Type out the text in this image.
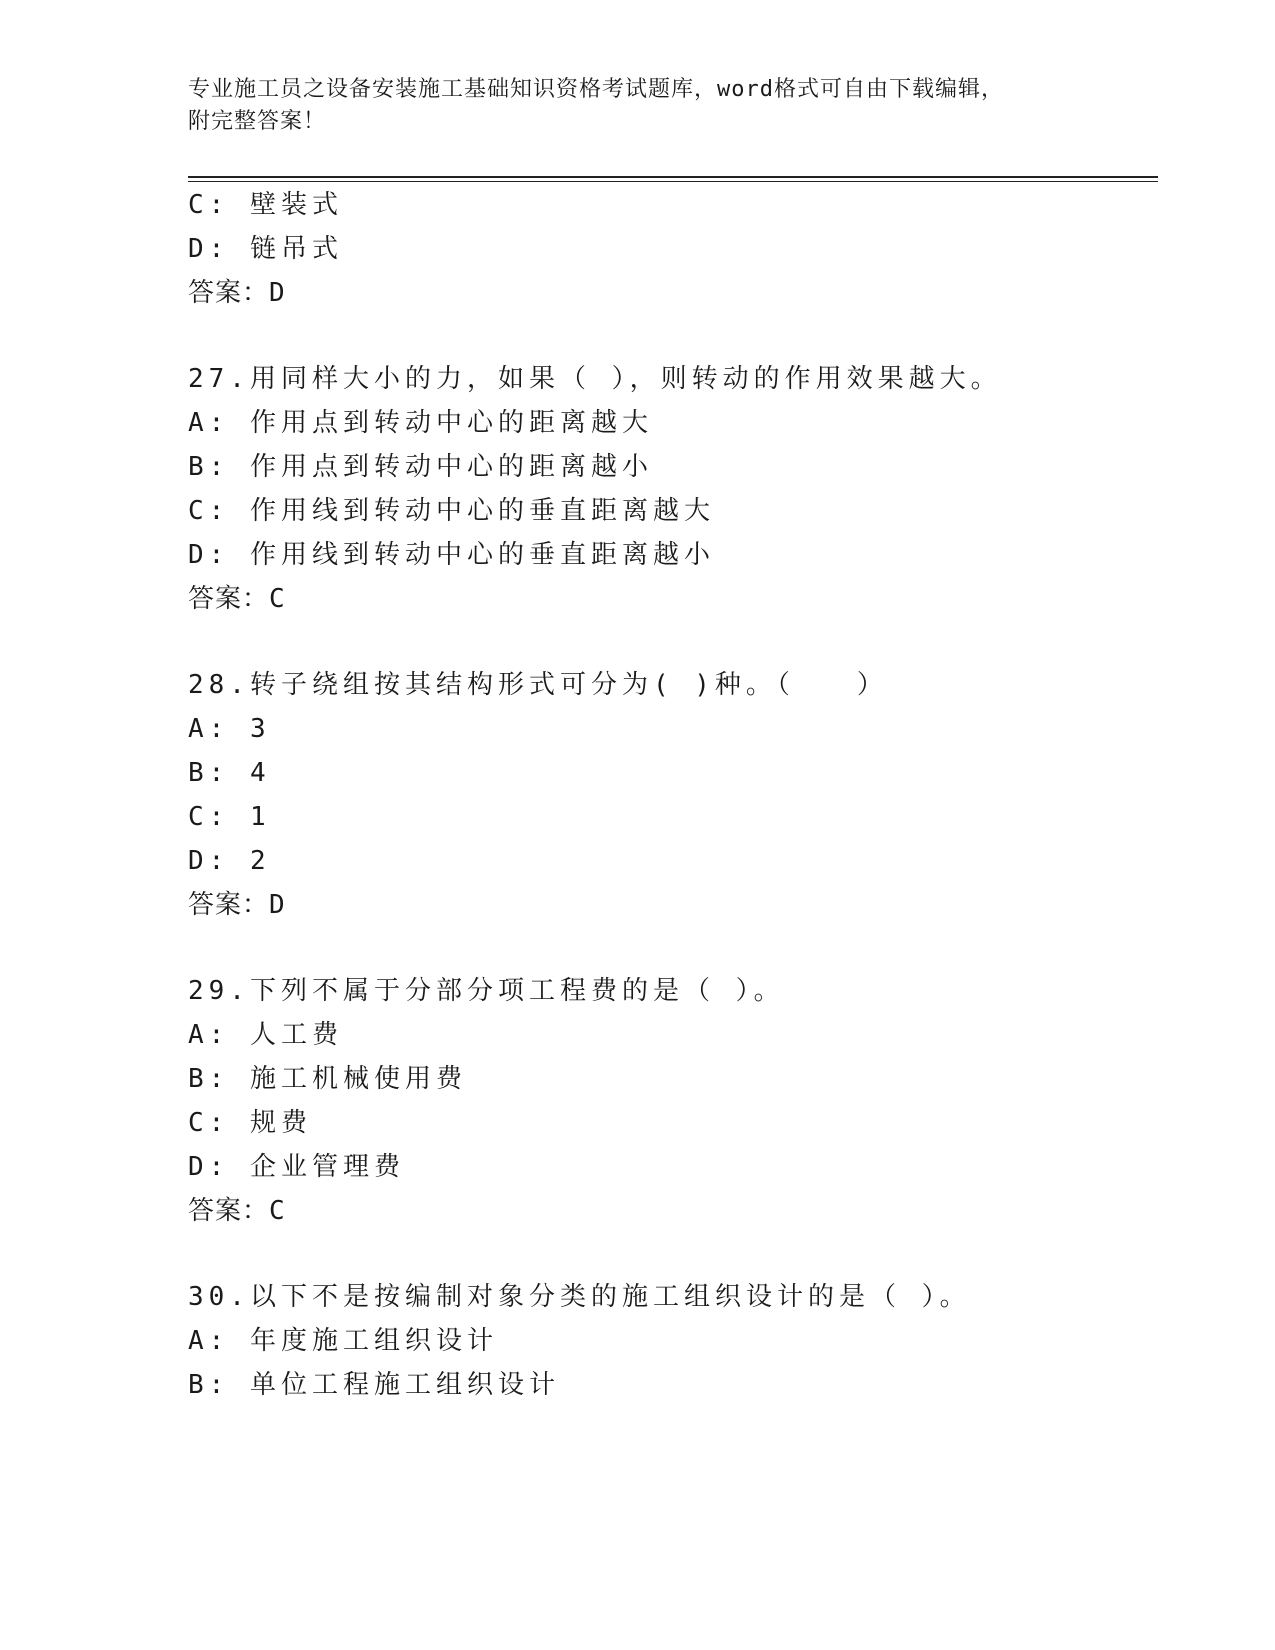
专业施工员之设备安装施工基础知识资格考试题库，word格式可自由下载编辑，
附完整答案！
C: 壁装式
D: 链吊式
答案：D
27.用同样大小的力，如果（ ），则转动的作用效果越大。
A: 作用点到转动中心的距离越大
B: 作用点到转动中心的距离越小
C: 作用线到转动中心的垂直距离越大
D: 作用线到转动中心的垂直距离越小
答案：C
28.转子绕组按其结构形式可分为( )种。（　　）
A: 3
B: 4
C: 1
D: 2
答案：D
29.下列不属于分部分项工程费的是（ ）。
A: 人工费
B: 施工机械使用费
C: 规费
D: 企业管理费
答案：C
30.以下不是按编制对象分类的施工组织设计的是（ ）。
A: 年度施工组织设计
B: 单位工程施工组织设计
